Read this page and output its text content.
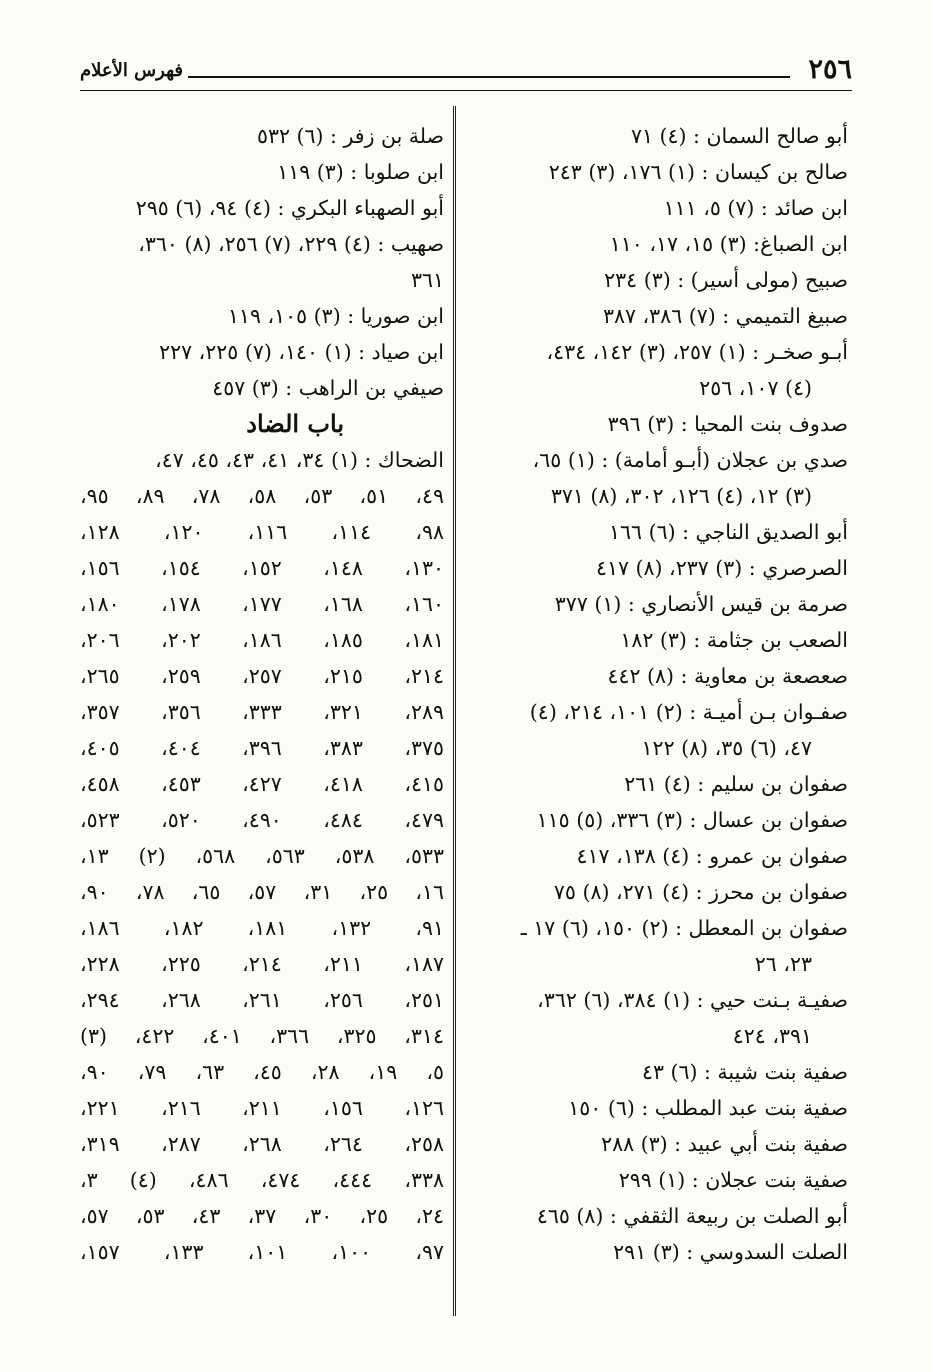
٢٥٦
فهرس الأعلام
أبو صالح السمان : (٤) ٧١
صالح بن كيسان : (١) ١٧٦، (٣) ٢٤٣
ابن صائد : (٧) ٥، ١١١
ابن الصباغ: (٣) ١٥، ١٧، ١١٠
صبيح (مولى أسير) : (٣) ٢٣٤
صبيغ التميمي : (٧) ٣٨٦، ٣٨٧
أبـو صخـر : (١) ٢٥٧، (٣) ١٤٢، ٤٣٤،
(٤) ١٠٧، ٢٥٦
صدوف بنت المحيا : (٣) ٣٩٦
صدي بن عجلان (أبـو أمامة) : (١) ٦٥،
(٣) ١٢، (٤) ١٢٦، ٣٠٢، (٨) ٣٧١
أبو الصديق الناجي : (٦) ١٦٦
الصرصري : (٣) ٢٣٧، (٨) ٤١٧
صرمة بن قيس الأنصاري : (١) ٣٧٧
الصعب بن جثامة : (٣) ١٨٢
صعصعة بن معاوية : (٨) ٤٤٢
صفـوان بـن أميـة : (٢) ١٠١، ٢١٤، (٤)
٤٧، (٦) ٣٥، (٨) ١٢٢
صفوان بن سليم : (٤) ٢٦١
صفوان بن عسال : (٣) ٣٣٦، (٥) ١١٥
صفوان بن عمرو : (٤) ١٣٨، ٤١٧
صفوان بن محرز : (٤) ٢٧١، (٨) ٧٥
صفوان بن المعطل : (٢) ١٥٠، (٦) ١٧ ـ
٢٣، ٢٦
صفيـة بـنت حيي : (١) ٣٨٤، (٦) ٣٦٢،
٣٩١، ٤٢٤
صفية بنت شيبة : (٦) ٤٣
صفية بنت عبد المطلب : (٦) ١٥٠
صفية بنت أبي عبيد : (٣) ٢٨٨
صفية بنت عجلان : (١) ٢٩٩
أبو الصلت بن ربيعة الثقفي : (٨) ٤٦٥
الصلت السدوسي : (٣) ٢٩١
صلة بن زفر : (٦) ٥٣٢
ابن صلوبا : (٣) ١١٩
أبو الصهباء البكري : (٤) ٩٤، (٦) ٢٩٥
صهيب : (٤) ٢٢٩، (٧) ٢٥٦، (٨) ٣٦٠،
٣٦١
ابن صوريا : (٣) ١٠٥، ١١٩
ابن صياد : (١) ١٤٠، (٧) ٢٢٥، ٢٢٧
صيفي بن الراهب : (٣) ٤٥٧
باب الضاد
الضحاك : (١) ٣٤، ٤١، ٤٣، ٤٥، ٤٧،
٤٩، ٥١، ٥٣، ٥٨، ٧٨، ٨٩، ٩٥،
٩٨، ١١٤، ١١٦، ١٢٠، ١٢٨،
١٣٠، ١٤٨، ١٥٢، ١٥٤، ١٥٦،
١٦٠، ١٦٨، ١٧٧، ١٧٨، ١٨٠،
١٨١، ١٨٥، ١٨٦، ٢٠٢، ٢٠٦،
٢١٤، ٢١٥، ٢٥٧، ٢٥٩، ٢٦٥،
٢٨٩، ٣٢١، ٣٣٣، ٣٥٦، ٣٥٧،
٣٧٥، ٣٨٣، ٣٩٦، ٤٠٤، ٤٠٥،
٤١٥، ٤١٨، ٤٢٧، ٤٥٣، ٤٥٨،
٤٧٩، ٤٨٤، ٤٩٠، ٥٢٠، ٥٢٣،
٥٣٣، ٥٣٨، ٥٦٣، ٥٦٨، (٢) ١٣،
١٦، ٢٥، ٣١، ٥٧، ٦٥، ٧٨، ٩٠،
٩١، ١٣٢، ١٨١، ١٨٢، ١٨٦،
١٨٧، ٢١١، ٢١٤، ٢٢٥، ٢٢٨،
٢٥١، ٢٥٦، ٢٦١، ٢٦٨، ٢٩٤،
٣١٤، ٣٢٥، ٣٦٦، ٤٠١، ٤٢٢، (٣)
٥، ١٩، ٢٨، ٤٥، ٦٣، ٧٩، ٩٠،
١٢٦، ١٥٦، ٢١١، ٢١٦، ٢٢١،
٢٥٨، ٢٦٤، ٢٦٨، ٢٨٧، ٣١٩،
٣٣٨، ٤٤٤، ٤٧٤، ٤٨٦، (٤) ٣،
٢٤، ٢٥، ٣٠، ٣٧، ٤٣، ٥٣، ٥٧،
٩٧، ١٠٠، ١٠١، ١٣٣، ١٥٧،
